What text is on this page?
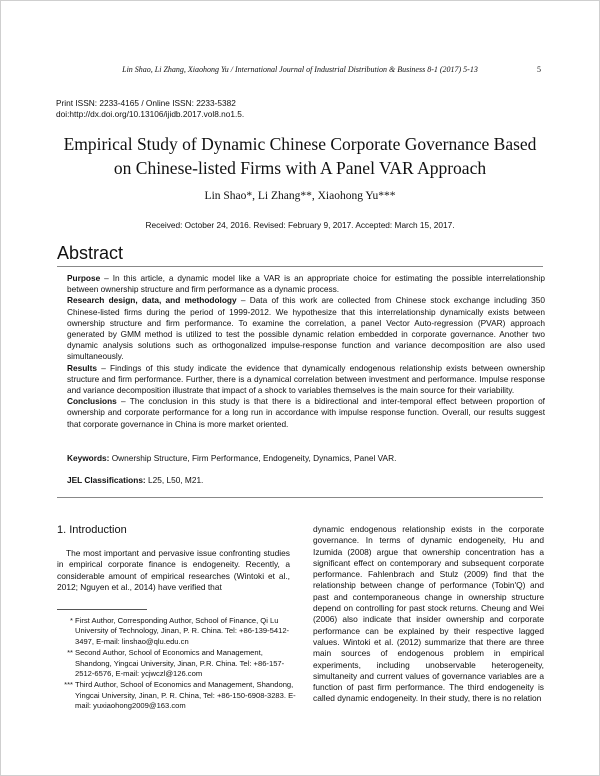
Lin Shao, Li Zhang, Xiaohong Yu / International Journal of Industrial Distribution & Business 8-1 (2017) 5-13	5
Print ISSN: 2233-4165 / Online ISSN: 2233-5382
doi:http://dx.doi.org/10.13106/ijidb.2017.vol8.no1.5.
Empirical Study of Dynamic Chinese Corporate Governance Based
on Chinese-listed Firms with A Panel VAR Approach
Lin Shao*, Li Zhang**, Xiaohong Yu***
Received: October 24, 2016. Revised: February 9, 2017. Accepted: March 15, 2017.
Abstract

Purpose – In this article, a dynamic model like a VAR is an appropriate choice for estimating the possible interrelationship between ownership structure and firm performance as a dynamic process.

Research design, data, and methodology – Data of this work are collected from Chinese stock exchange including 350 Chinese-listed firms during the period of 1999-2012. We hypothesize that this interrelationship dynamically exists between ownership structure and firm performance. To examine the correlation, a panel Vector Auto-regression (PVAR) approach generated by GMM method is utilized to test the possible dynamic relation embedded in corporate governance. Another two dynamic analysis solutions such as orthogonalized impulse-response function and variance decomposition are also used simultaneously.

Results – Findings of this study indicate the evidence that dynamically endogenous relationship exists between ownership structure and firm performance. Further, there is a dynamical correlation between investment and performance. Impulse response and variance decomposition illustrate that impact of a shock to variables themselves is the main source for their variability.

Conclusions – The conclusion in this study is that there is a bidirectional and inter-temporal effect between proportion of ownership and corporate performance for a long run in accordance with impulse response function. Overall, our results suggest that corporate governance in China is more market oriented.

Keywords: Ownership Structure, Firm Performance, Endogeneity, Dynamics, Panel VAR.
JEL Classifications: L25, L50, M21.
1. Introduction

The most important and pervasive issue confronting studies in empirical corporate finance is endogeneity. Recently, a considerable amount of empirical researches (Wintoki et al., 2012; Nguyen et al., 2014) have verified that

dynamic endogenous relationship exists in the corporate governance. In terms of dynamic endogeneity, Hu and Izumida (2008) argue that ownership concentration has a significant effect on contemporary and subsequent corporate performance. Fahlenbrach and Stulz (2009) find that the relationship between change of performance (Tobin'Q) and past and contemporaneous change in ownership structure depend on controlling for past stock returns. Cheung and Wei (2006) also indicate that insider ownership and corporate performance can be explained by their respective lagged values. Wintoki et al. (2012) summarize that there are three main sources of endogenous problem in empirical experiments, including unobservable heterogeneity, simultaneity and current values of governance variables are a function of past firm performance. The third endogeneity is called dynamic endogeneity. In their study, there is no relation

* First Author, Corresponding Author, School of Finance, Qi Lu University of Technology, Jinan, P. R. China. Tel: +86-139-5412-3497, E-mail: linshao@qlu.edu.cn
** Second Author, School of Economics and Management, Shandong, Yingcai University, Jinan, P.R. China. Tel: +86-157-2512-6576, E-mail: ycjwczl@126.com
*** Third Author, School of Economics and Management, Shandong, Yingcai University, Jinan, P. R. China, Tel: +86-150-6908-3283. E-mail: yuxiaohong2009@163.com
